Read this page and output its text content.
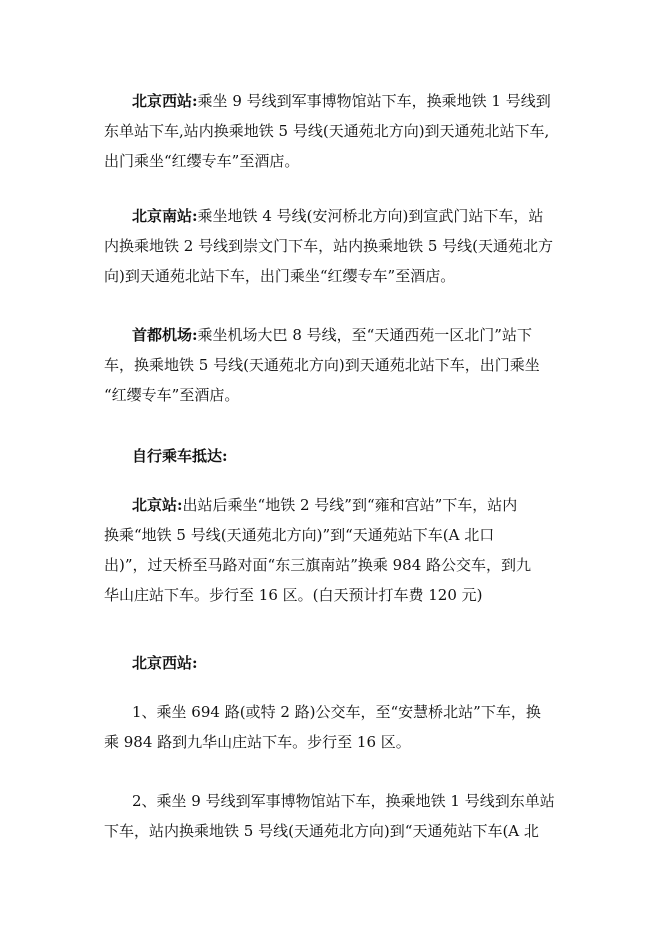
北京西站:乘坐 9 号线到军事博物馆站下车，换乘地铁 1 号线到
东单站下车,站内换乘地铁 5 号线(天通苑北方向)到天通苑北站下车,
出门乘坐“红缨专车”至酒店。
北京南站:乘坐地铁 4 号线(安河桥北方向)到宣武门站下车，站
内换乘地铁 2 号线到崇文门下车，站内换乘地铁 5 号线(天通苑北方
向)到天通苑北站下车，出门乘坐“红缨专车”至酒店。
首都机场:乘坐机场大巴 8 号线，至“天通西苑一区北门”站下
车，换乘地铁 5 号线(天通苑北方向)到天通苑北站下车，出门乘坐
“红缨专车”至酒店。
自行乘车抵达:
北京站:出站后乘坐“地铁 2 号线”到“雍和宫站”下车，站内
换乘“地铁 5 号线(天通苑北方向)”到“天通苑站下车(A 北口
出)”，过天桥至马路对面“东三旗南站”换乘 984 路公交车，到九
华山庄站下车。步行至 16 区。(白天预计打车费 120 元)
北京西站:
1、乘坐 694 路(或特 2 路)公交车，至“安慧桥北站”下车，换
乘 984 路到九华山庄站下车。步行至 16 区。
2、乘坐 9 号线到军事博物馆站下车，换乘地铁 1 号线到东单站
下车，站内换乘地铁 5 号线(天通苑北方向)到“天通苑站下车(A 北
